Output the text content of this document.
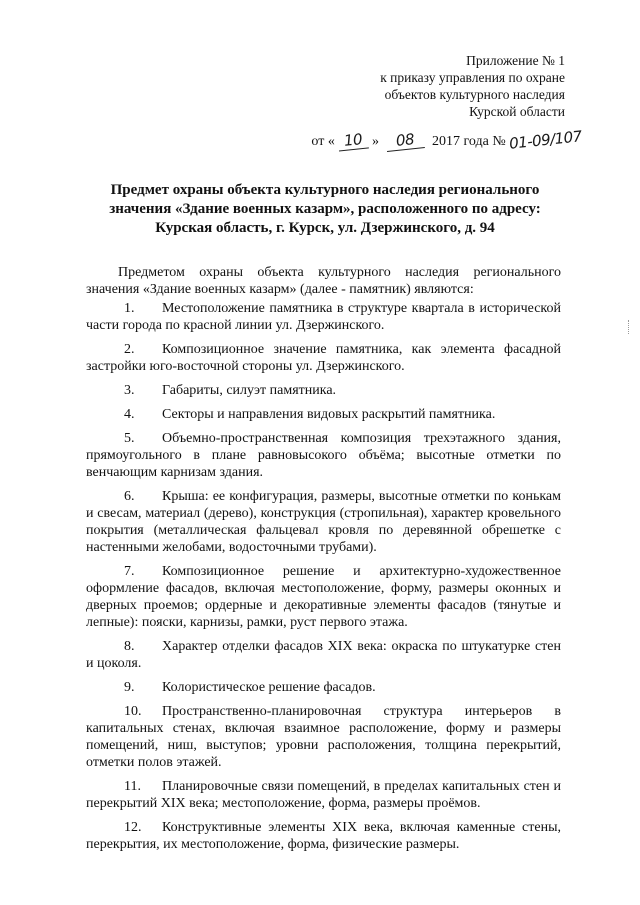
Приложение № 1
к приказу управления по охране
объектов культурного наследия
Курской области
от « 10 » 08 2017 года № 01-09/107
Предмет охраны объекта культурного наследия регионального
значения «Здание военных казарм», расположенного по адресу:
Курская область, г. Курск, ул. Дзержинского, д. 94

Предметом охраны объекта культурного наследия регионального значения «Здание военных казарм» (далее - памятник) являются:

1. Местоположение памятника в структуре квартала в исторической части города по красной линии ул. Дзержинского.

2. Композиционное значение памятника, как элемента фасадной застройки юго-восточной стороны ул. Дзержинского.

3. Габариты, силуэт памятника.

4. Секторы и направления видовых раскрытий памятника.

5. Объемно-пространственная композиция трехэтажного здания, прямоугольного в плане равновысокого объёма; высотные отметки по венчающим карнизам здания.

6. Крыша: ее конфигурация, размеры, высотные отметки по конькам и свесам, материал (дерево), конструкция (стропильная), характер кровельного покрытия (металлическая фальцевал кровля по деревянной обрешетке с настенными желобами, водосточными трубами).

7. Композиционное решение и архитектурно-художественное оформление фасадов, включая местоположение, форму, размеры оконных и дверных проемов; ордерные и декоративные элементы фасадов (тянутые и лепные): пояски, карнизы, рамки, руст первого этажа.

8. Характер отделки фасадов XIX века: окраска по штукатурке стен и цоколя.

9. Колористическое решение фасадов.

10. Пространственно-планировочная структура интерьеров в капитальных стенах, включая взаимное расположение, форму и размеры помещений, ниш, выступов; уровни расположения, толщина перекрытий, отметки полов этажей.

11. Планировочные связи помещений, в пределах капитальных стен и перекрытий XIX века; местоположение, форма, размеры проёмов.

12. Конструктивные элементы XIX века, включая каменные стены, перекрытия, их местоположение, форма, физические размеры.
